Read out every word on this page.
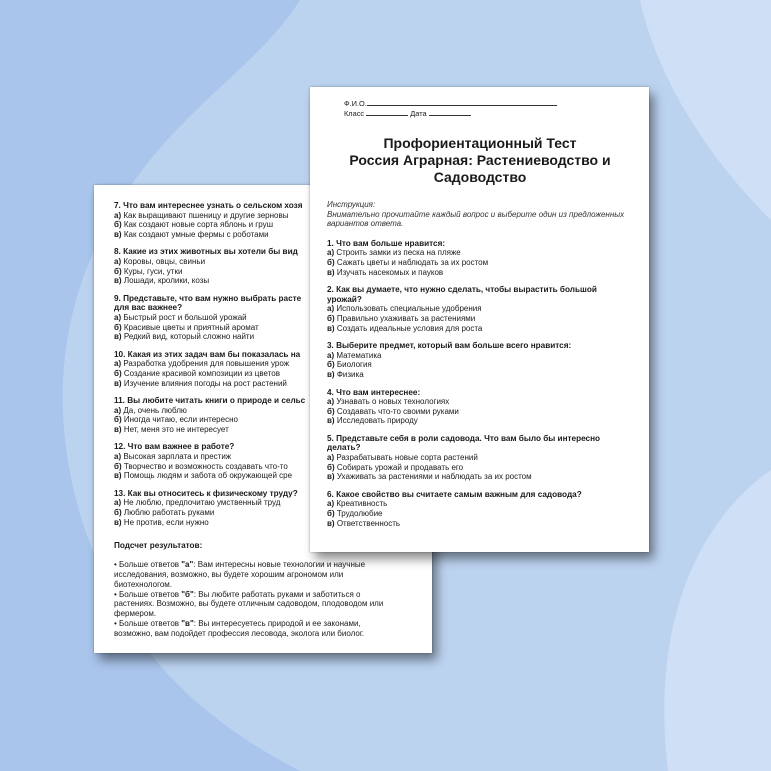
7. Что вам интереснее узнать о сельском хозя
а) Как выращивают пшеницу и другие зерновы
б) Как создают новые сорта яблонь и груш
в) Как создают умные фермы с роботами
8. Какие из этих животных вы хотели бы вид
а) Коровы, овцы, свиньи
б) Куры, гуси, утки
в) Лошади, кролики, козы
9. Представьте, что вам нужно выбрать расте
для вас важнее?
а) Быстрый рост и большой урожай
б) Красивые цветы и приятный аромат
в) Редкий вид, который сложно найти
10. Какая из этих задач вам бы показалась на
а) Разработка удобрения для повышения урож
б) Создание красивой композиции из цветов
в) Изучение влияния погоды на рост растений
11. Вы любите читать книги о природе и сельс
а) Да, очень люблю
б) Иногда читаю, если интересно
в) Нет, меня это не интересует
12. Что вам важнее в работе?
а) Высокая зарплата и престиж
б) Творчество и возможность создавать что-то
в) Помощь людям и забота об окружающей сре
13. Как вы относитесь к физическому труду?
а) Не люблю, предпочитаю умственный труд
б) Люблю работать руками
в) Не против, если нужно
Подсчет результатов:
• Больше ответов "а": Вам интересны новые технологии и научные исследования, возможно, вы будете хорошим агрономом или биотехнологом.
• Больше ответов "б": Вы любите работать руками и заботиться о растениях. Возможно, вы будете отличным садоводом, плодоводом или фермером.
• Больше ответов "в": Вы интересуетесь природой и ее законами, возможно, вам подойдет профессия лесовода, эколога или биолог.
Ф.И.О.
Класс	Дата
Профориентационный Тест
Россия Аграрная: Растениеводство и
Садоводство
Инструкция:
Внимательно прочитайте каждый вопрос и выберите один из предложенных вариантов ответа.
1. Что вам больше нравится:
а) Строить замки из песка на пляже
б) Сажать цветы и наблюдать за их ростом
в) Изучать насекомых и пауков
2. Как вы думаете, что нужно сделать, чтобы вырастить большой урожай?
а) Использовать специальные удобрения
б) Правильно ухаживать за растениями
в) Создать идеальные условия для роста
3. Выберите предмет, который вам больше всего нравится:
а) Математика
б) Биология
в) Физика
4. Что вам интереснее:
а) Узнавать о новых технологиях
б) Создавать что-то своими руками
в) Исследовать природу
5. Представьте себя в роли садовода. Что вам было бы интересно делать?
а) Разрабатывать новые сорта растений
б) Собирать урожай и продавать его
в) Ухаживать за растениями и наблюдать за их ростом
6. Какое свойство вы считаете самым важным для садовода?
а) Креативность
б) Трудолюбие
в) Ответственность
